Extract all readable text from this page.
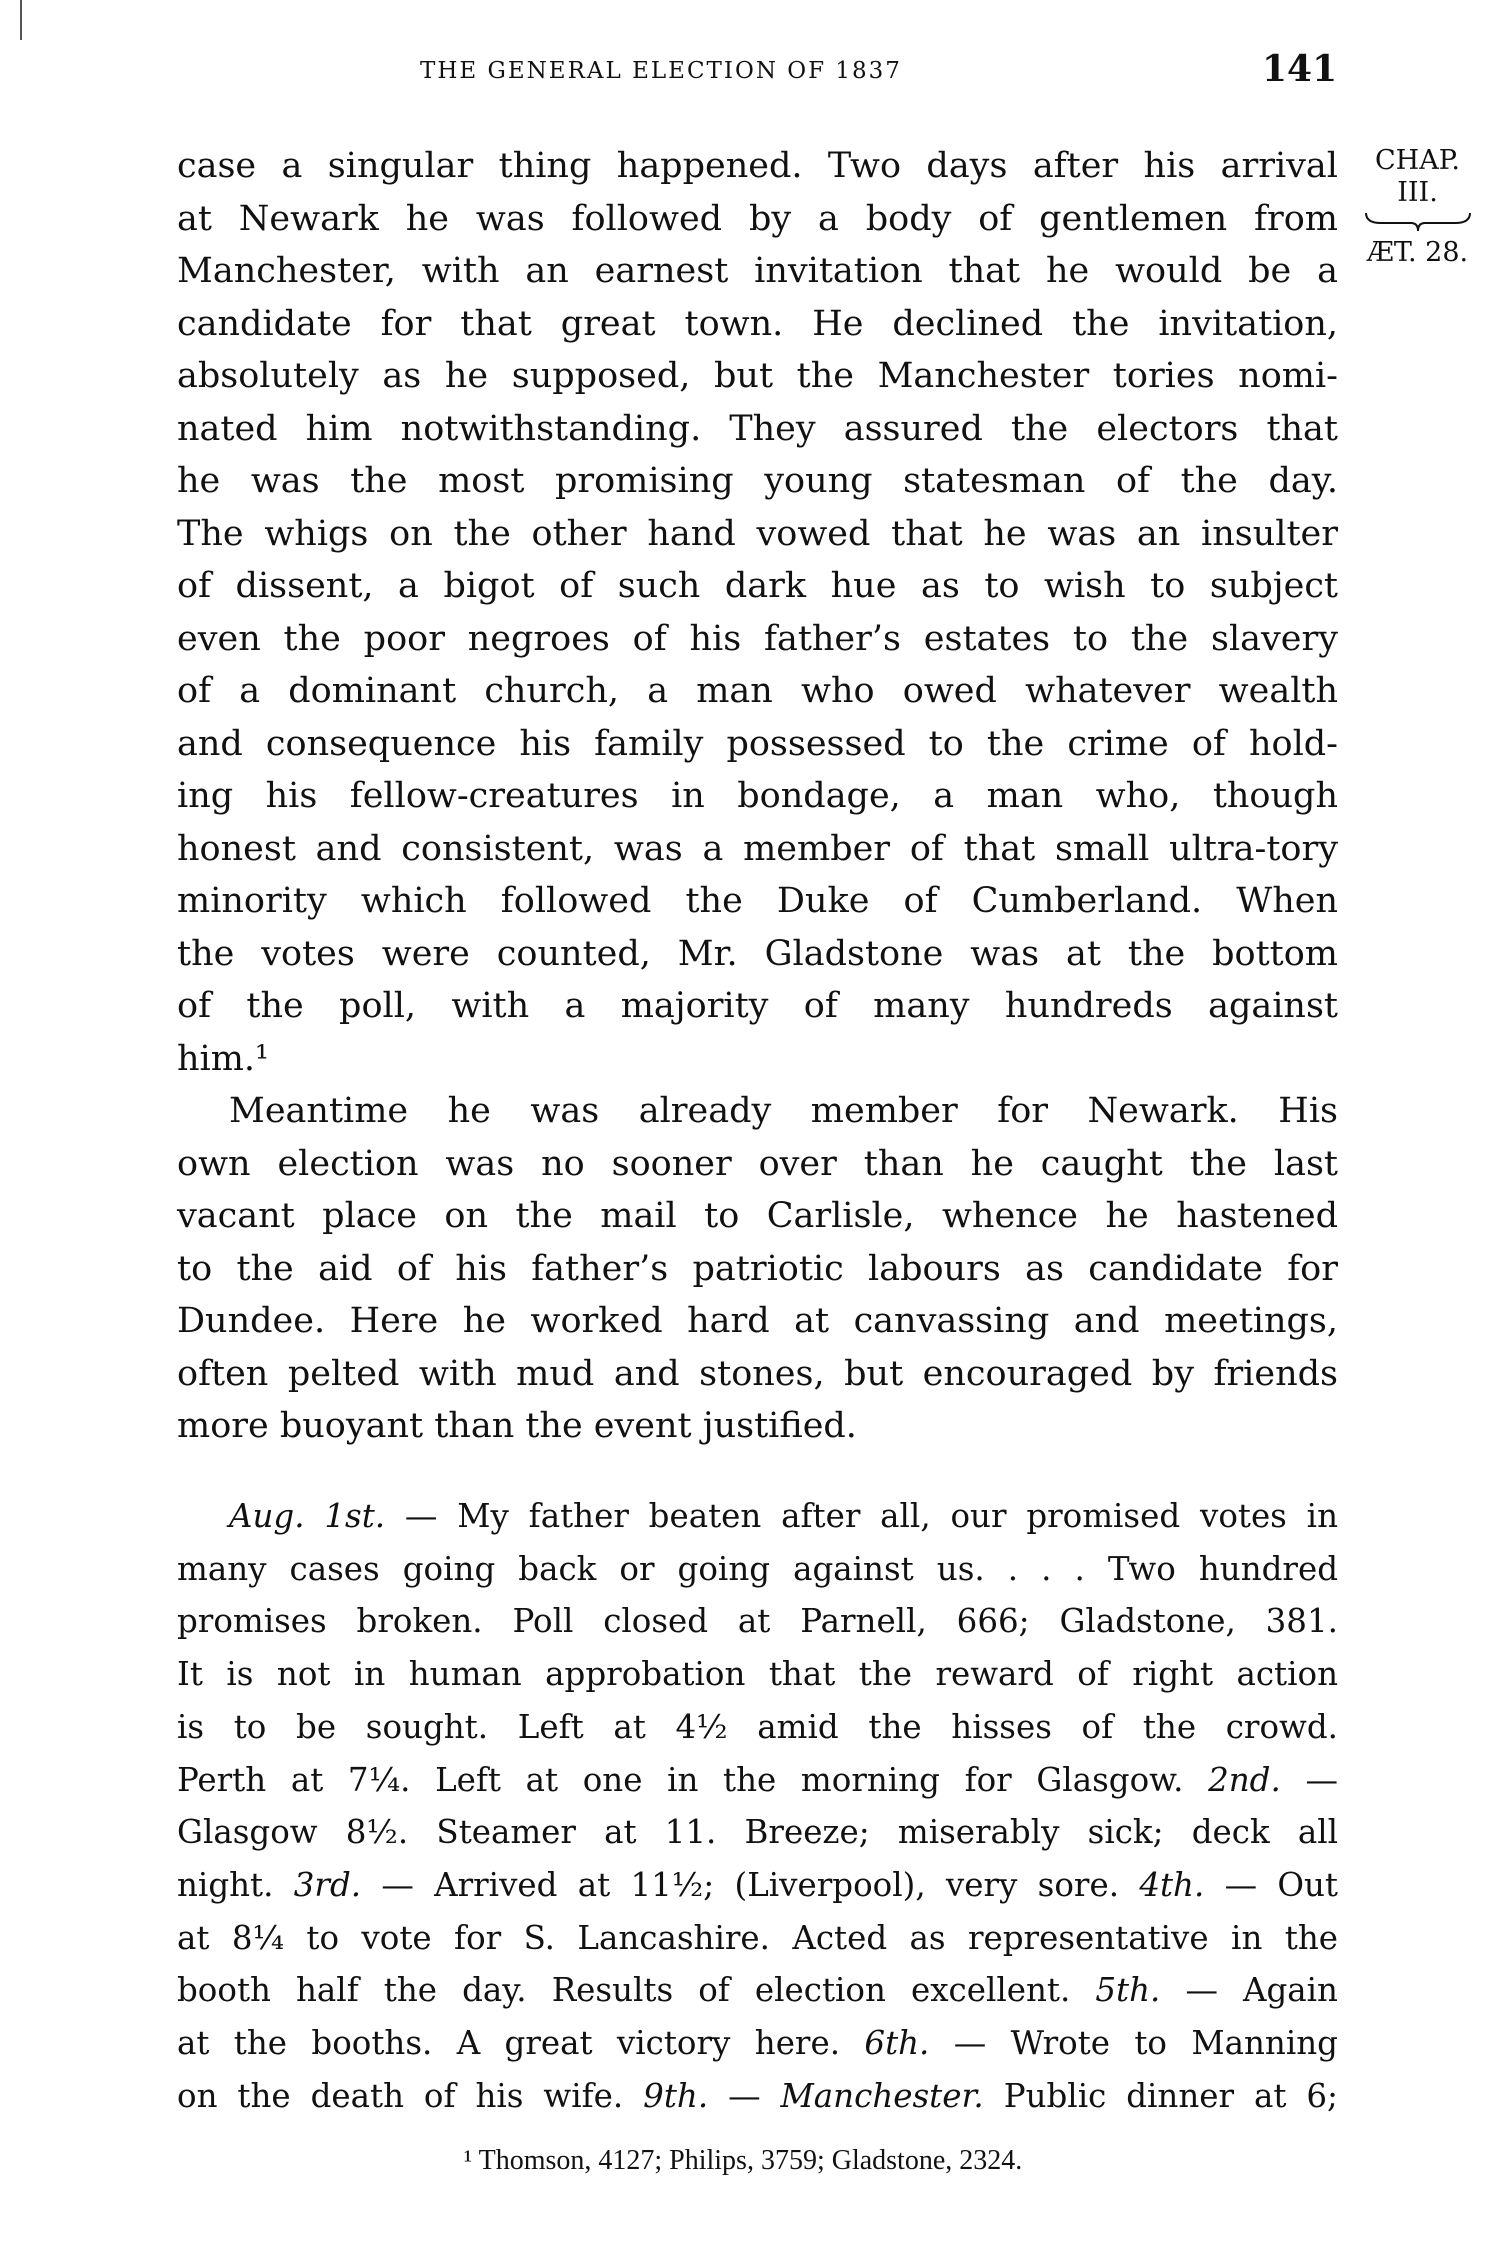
THE GENERAL ELECTION OF 1837	141
CHAP.
III.
ÆT. 28.
case a singular thing happened. Two days after his arrival
at Newark he was followed by a body of gentlemen from
Manchester, with an earnest invitation that he would be a
candidate for that great town. He declined the invitation,
absolutely as he supposed, but the Manchester tories nomi-
nated him notwithstanding. They assured the electors that
he was the most promising young statesman of the day.
The whigs on the other hand vowed that he was an insulter
of dissent, a bigot of such dark hue as to wish to subject
even the poor negroes of his father’s estates to the slavery
of a dominant church, a man who owed whatever wealth
and consequence his family possessed to the crime of hold-
ing his fellow-creatures in bondage, a man who, though
honest and consistent, was a member of that small ultra-tory
minority which followed the Duke of Cumberland. When
the votes were counted, Mr. Gladstone was at the bottom
of the poll, with a majority of many hundreds against
him.¹
Meantime he was already member for Newark. His
own election was no sooner over than he caught the last
vacant place on the mail to Carlisle, whence he hastened
to the aid of his father’s patriotic labours as candidate for
Dundee. Here he worked hard at canvassing and meetings,
often pelted with mud and stones, but encouraged by friends
more buoyant than the event justified.
Aug. 1st. — My father beaten after all, our promised votes in
many cases going back or going against us. . . . Two hundred
promises broken. Poll closed at Parnell, 666; Gladstone, 381.
It is not in human approbation that the reward of right action
is to be sought. Left at 4½ amid the hisses of the crowd.
Perth at 7¼. Left at one in the morning for Glasgow. 2nd. —
Glasgow 8½. Steamer at 11. Breeze; miserably sick; deck all
night. 3rd. — Arrived at 11½; (Liverpool), very sore. 4th. — Out
at 8¼ to vote for S. Lancashire. Acted as representative in the
booth half the day. Results of election excellent. 5th. — Again
at the booths. A great victory here. 6th. — Wrote to Manning
on the death of his wife. 9th. — Manchester. Public dinner at 6;
¹ Thomson, 4127; Philips, 3759; Gladstone, 2324.
